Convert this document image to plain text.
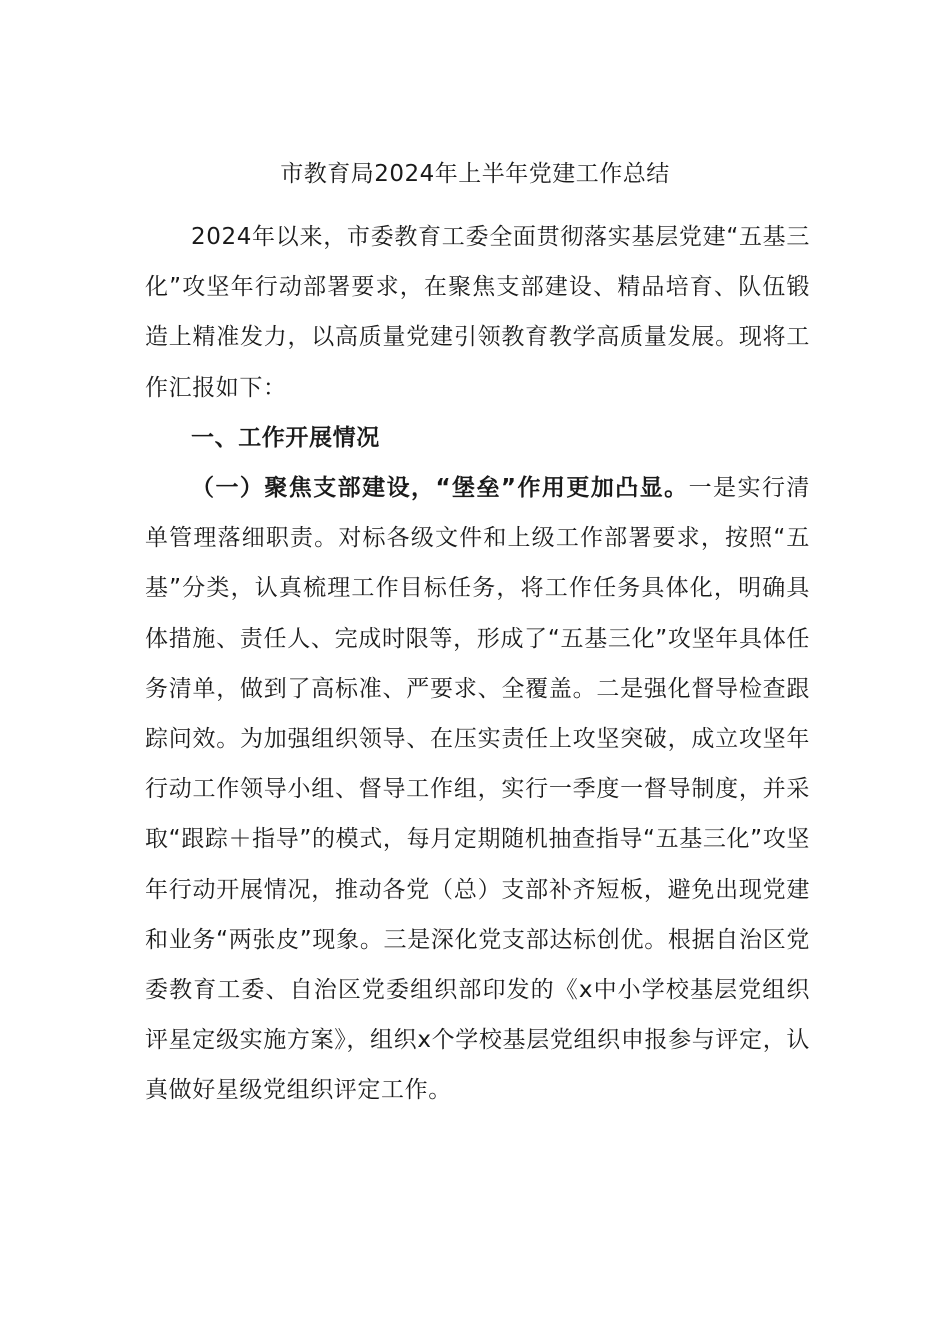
市教育局2024年上半年党建工作总结

2024年以来，市委教育工委全面贯彻落实基层党建“五基三化”攻坚年行动部署要求，在聚焦支部建设、精品培育、队伍锻造上精准发力，以高质量党建引领教育教学高质量发展。现将工作汇报如下：

一、工作开展情况

（一）聚焦支部建设，“堡垒”作用更加凸显。一是实行清单管理落细职责。对标各级文件和上级工作部署要求，按照“五基”分类，认真梳理工作目标任务，将工作任务具体化，明确具体措施、责任人、完成时限等，形成了“五基三化”攻坚年具体任务清单，做到了高标准、严要求、全覆盖。二是强化督导检查跟踪问效。为加强组织领导、在压实责任上攻坚突破，成立攻坚年行动工作领导小组、督导工作组，实行一季度一督导制度，并采取“跟踪＋指导”的模式，每月定期随机抽查指导“五基三化”攻坚年行动开展情况，推动各党（总）支部补齐短板，避免出现党建和业务“两张皮”现象。三是深化党支部达标创优。根据自治区党委教育工委、自治区党委组织部印发的《x中小学校基层党组织评星定级实施方案》，组织x个学校基层党组织申报参与评定，认真做好星级党组织评定工作。
